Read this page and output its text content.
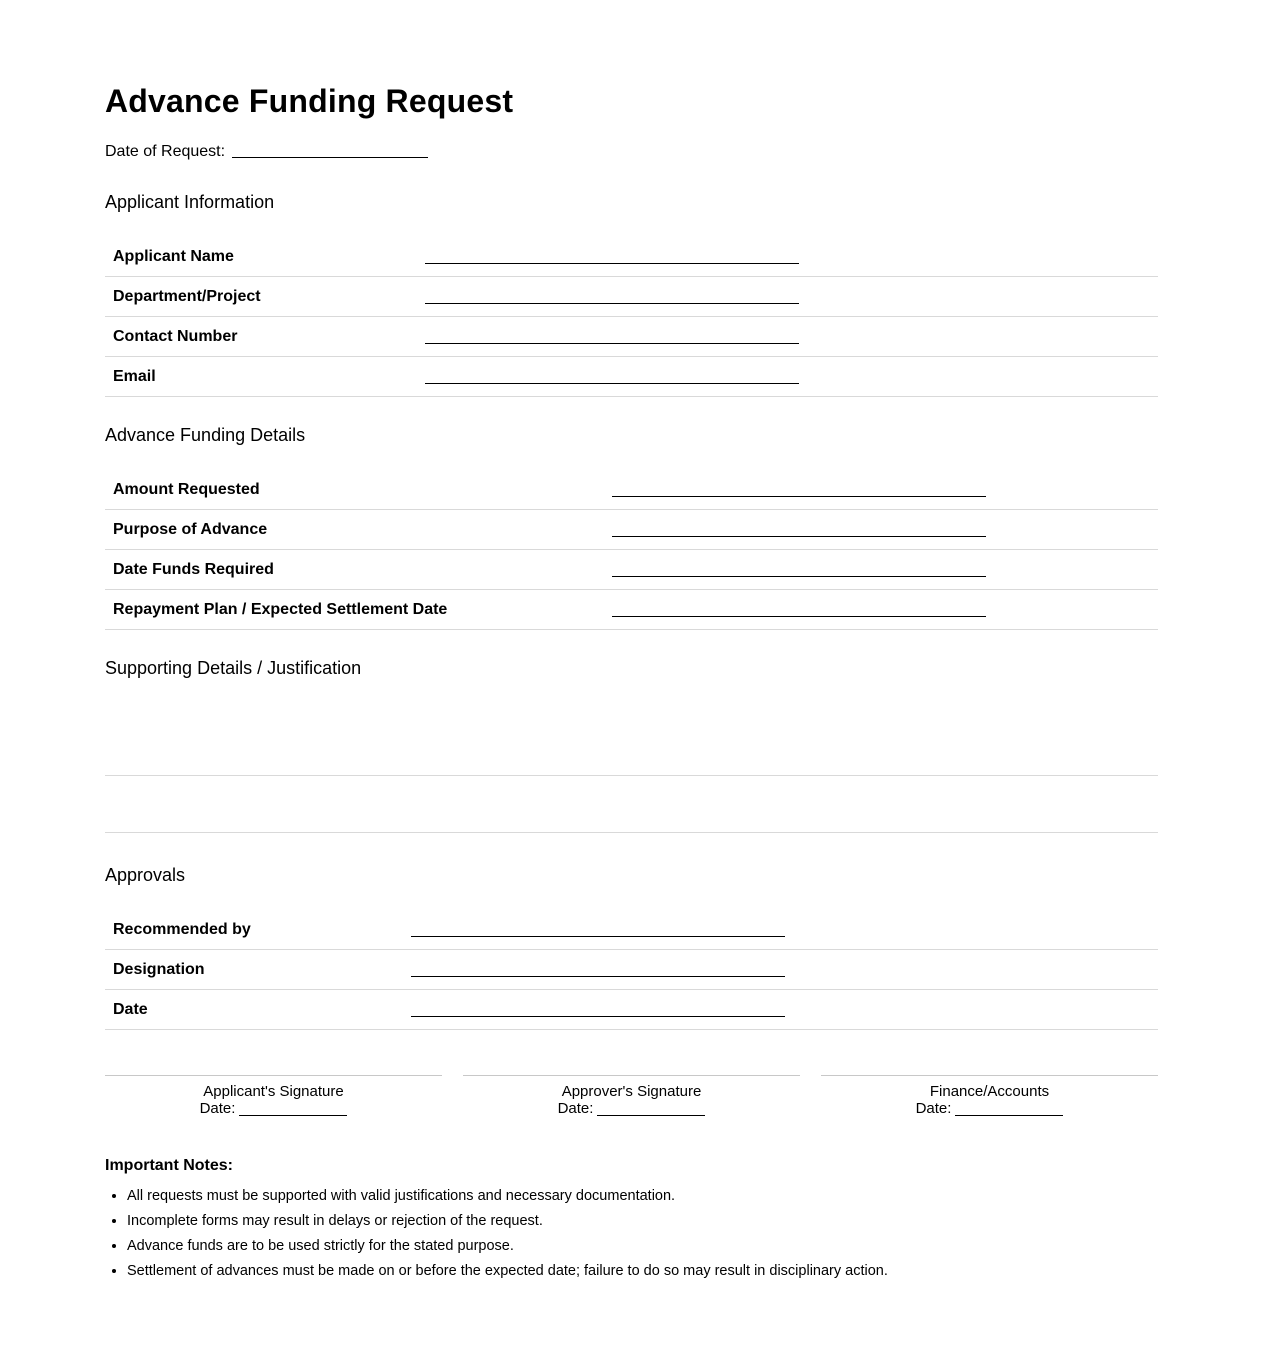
Advance Funding Request
Date of Request:
Applicant Information
Applicant Name
Department/Project
Contact Number
Email
Advance Funding Details
Amount Requested
Purpose of Advance
Date Funds Required
Repayment Plan / Expected Settlement Date
Supporting Details / Justification
Approvals
Recommended by
Designation
Date
Applicant's Signature
Date:
Approver's Signature
Date:
Finance/Accounts
Date:
Important Notes:
• All requests must be supported with valid justifications and necessary documentation.
• Incomplete forms may result in delays or rejection of the request.
• Advance funds are to be used strictly for the stated purpose.
• Settlement of advances must be made on or before the expected date; failure to do so may result in disciplinary action.
